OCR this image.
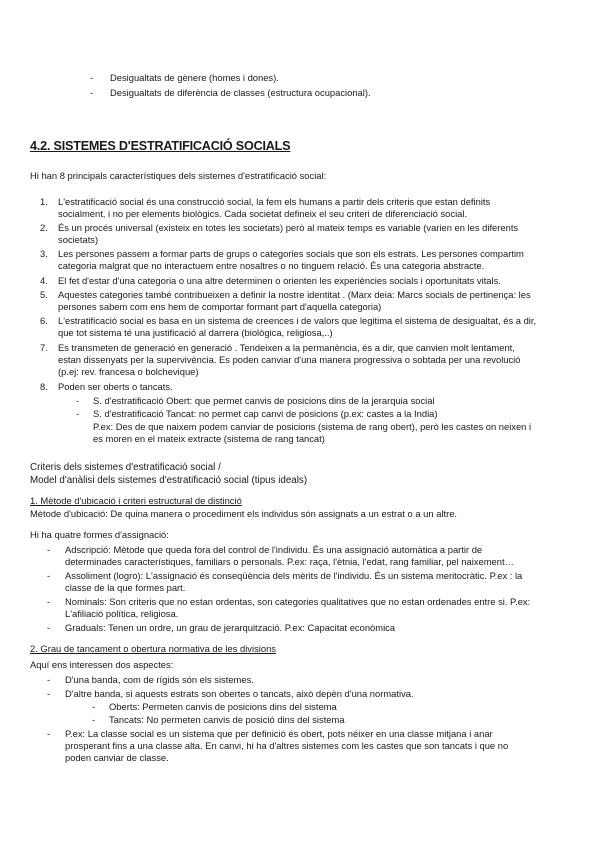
- Desigualtats de gènere (homes i dones).
- Desigualtats de diferència de classes (estructura ocupacional).
4.2. SISTEMES D'ESTRATIFICACIÓ SOCIALS
Hi han 8 principals característiques dels sistemes d'estratificació social:
1. L'estratificació social és una construcció social, la fem els humans a partir dels criteris que estan definits
socialment, i no per elements biològics. Cada societat defineix el seu criteri de diferenciació social.
2. És un procés universal (existeix en totes les societats) però al mateix temps es variable (varien en les diferents
societats)
3. Les persones passem a formar parts de grups o categories socials que son els estrats. Les persones compartim
categoria malgrat que no interactuem entre nosaltres o no tinguem relació. És una categoria abstracte.
4. El fet d'estar d'una categoria o una altre determinen o orienten les experiències socials i oportunitats vitals.
5. Aquestes categories també contribueixen a definir la nostre identitat . (Marx deia: Marcs socials de pertinença: les
persones sabem com ens hem de comportar formant part d'aquella categoria)
6. L'estratificació social es basa en un sistema de creences i de valors que legitima el sistema de desigualtat, és a dir,
que tot sistema té una justificació al darrera (biològica, religiosa,..)
7. Es transmeten de generació en generació . Tendeixen a la permanència, és a dir, que canvien molt lentament,
estan dissenyats per la supervivència. Es poden canviar d'una manera progressiva o sobtada per una revolució
(p.ej: rev. francesa o bolchevique)
8. Poden ser oberts o tancats.
- S. d'estratificació Obert: que permet canvis de posicions dins de la jerarquia social
- S. d'estratificació Tancat: no permet cap canvi de posicions (p.ex: castes a la India)
P.ex: Des de que naixem podem canviar de posicions (sistema de rang obert), però les castes on neixen i
es moren en el mateix extracte (sistema de rang tancat)
Criteris dels sistemes d'estratificació social /
Model d'anàlisi dels sistemes d'estratificació social (tipus ideals)
1. Mètode d'ubicació i criteri estructural de distinció
Mètode d'ubicació: De quina manera o procediment els individus són assignats a un estrat o a un altre.
Hi ha quatre formes d'assignació:
- Adscripció: Mètode que queda fora del control de l'individu. És una assignació automàtica a partir de
determinades característiques, familiars o personals. P.ex: raça, l'ètnia, l'edat, rang familiar, pel naixement…
- Assoliment (logro): L'assignació és conseqüència dels mèrits de l'individu. És un sistema meritocràtic. P.ex : la
classe de la que formes part.
- Nominals: Son criteris que no estan ordentas, son categories qualitatives que no estan ordenades entre si. P.ex:
L'afiliació política, religiosa.
- Graduals: Tenen un ordre, un grau de jerarquització. P.ex: Capacitat econòmica
2. Grau de tancament o obertura normativa de les divisions
Aquí ens interessen dos aspectes:
- D'una banda, com de rígids són els sistemes.
- D'altre banda, si aquests estrats son obertes o tancats, això depèn d'una normativa.
- Oberts: Permeten canvis de posicions dins del sistema
- Tancats: No permeten canvis de posició dins del sistema
- P.ex: La classe social es un sistema que per definició és obert, pots néixer en una classe mitjana i anar
prosperant fins a una classe alta. En canvi, hi ha d'altres sistemes com les castes que son tancats i que no
poden canviar de classe.
